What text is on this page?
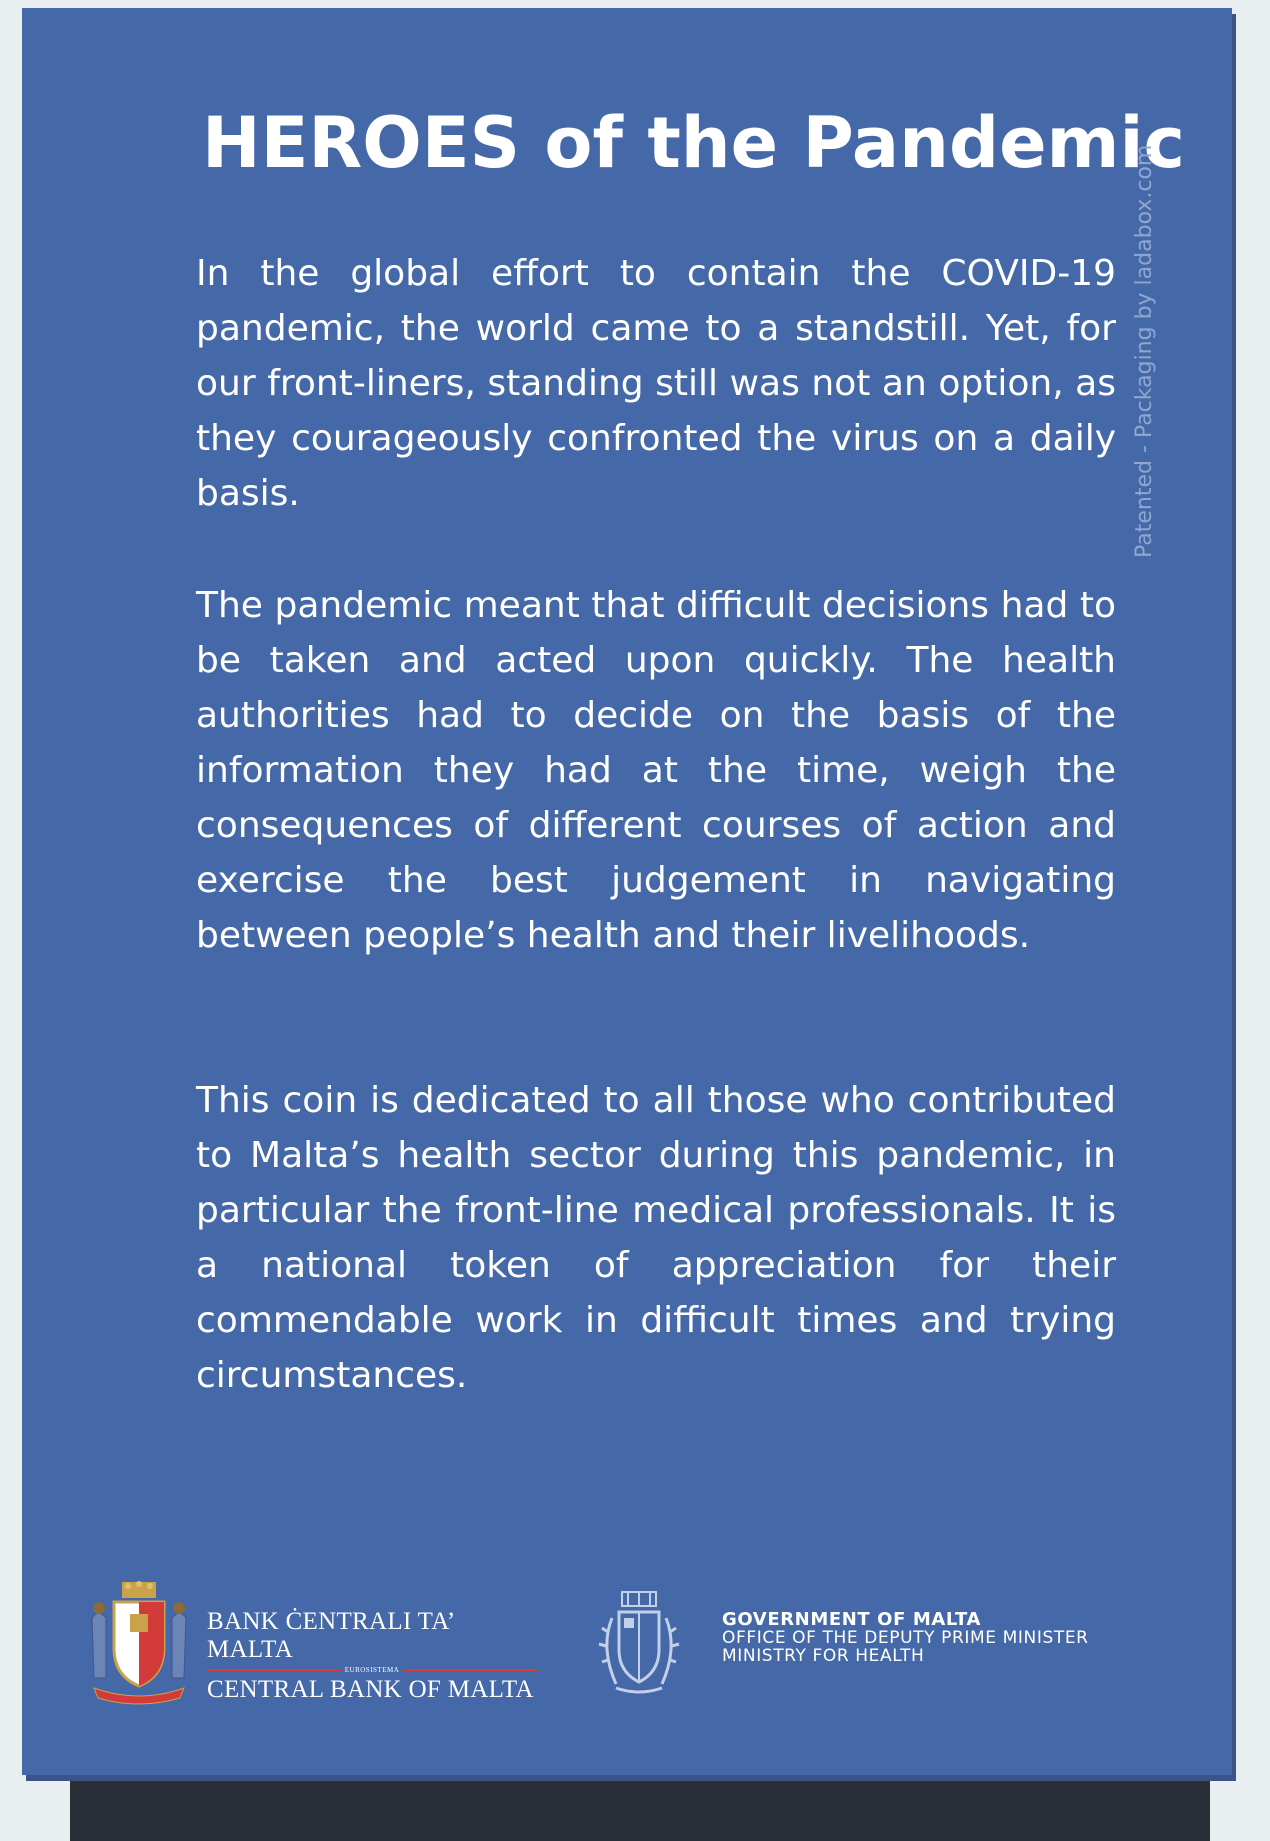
HEROES of the Pandemic
In the global effort to contain the COVID-19 pandemic, the world came to a standstill. Yet, for our front-liners, standing still was not an option, as they courageously confronted the virus on a daily basis.
The pandemic meant that difficult decisions had to be taken and acted upon quickly. The health authorities had to decide on the basis of the information they had at the time, weigh the consequences of different courses of action and exercise the best judgement in navigating between people’s health and their livelihoods.
This coin is dedicated to all those who contributed to Malta’s health sector during this pandemic, in particular the front-line medical professionals. It is a national token of appreciation for their commendable work in difficult times and trying circumstances.
Patented - Packaging by ladabox.com
BANK ĊENTRALI TA’ MALTA
EUROSISTEMA
CENTRAL BANK OF MALTA
GOVERNMENT OF MALTA
OFFICE OF THE DEPUTY PRIME MINISTER
MINISTRY FOR HEALTH
